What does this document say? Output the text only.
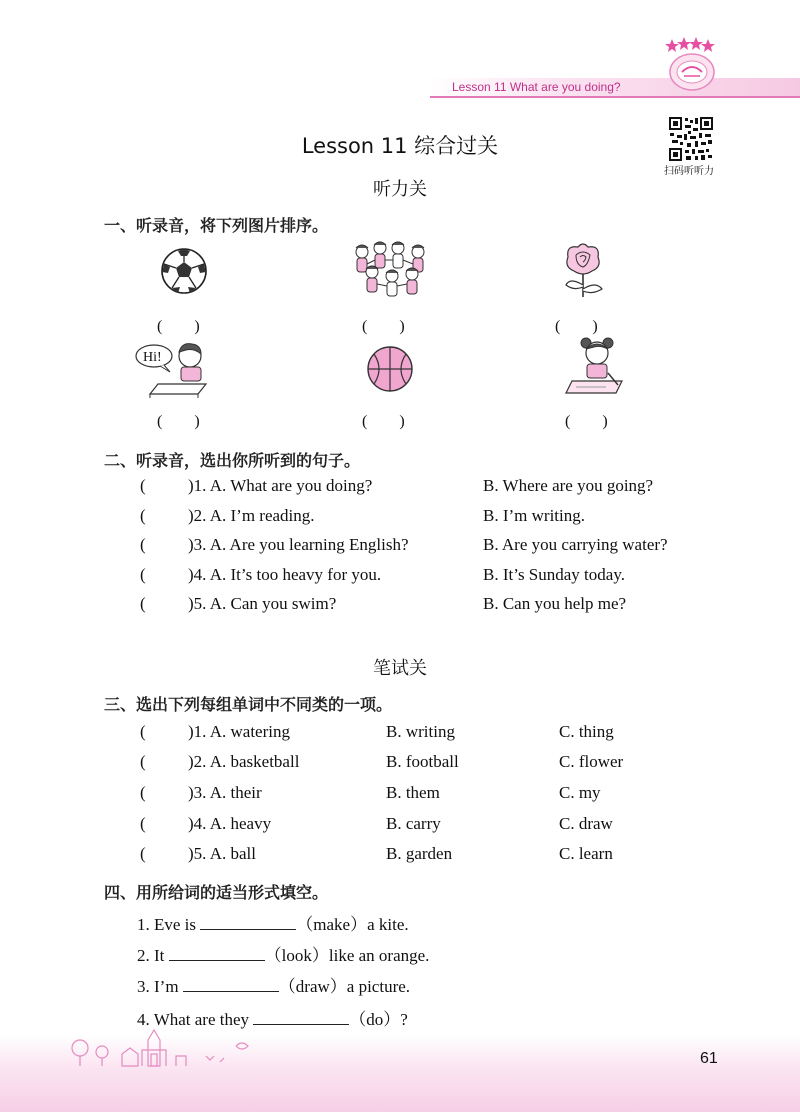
Lesson 11 What are you doing?
Lesson 11 综合过关
扫码听听力
听力关
一、听录音，将下列图片排序。
Hi!
(　　)	(　　)	(　　)
(　　)	(　　)	(　　)
二、听录音，选出你所听到的句子。
( )1. A. What are you doing?	B. Where are you going?
( )2. A. I’m reading.	B. I’m writing.
( )3. A. Are you learning English?	B. Are you carrying water?
( )4. A. It’s too heavy for you.	B. It’s Sunday today.
( )5. A. Can you swim?	B. Can you help me?
笔试关
三、选出下列每组单词中不同类的一项。
( )1. A. watering	B. writing	C. thing
( )2. A. basketball	B. football	C. flower
( )3. A. their	B. them	C. my
( )4. A. heavy	B. carry	C. draw
( )5. A. ball	B. garden	C. learn
四、用所给词的适当形式填空。
1. Eve is	（make）a kite.
2. It	（look）like an orange.
3. I’m	（draw）a picture.
4. What are they	（do）?
61
